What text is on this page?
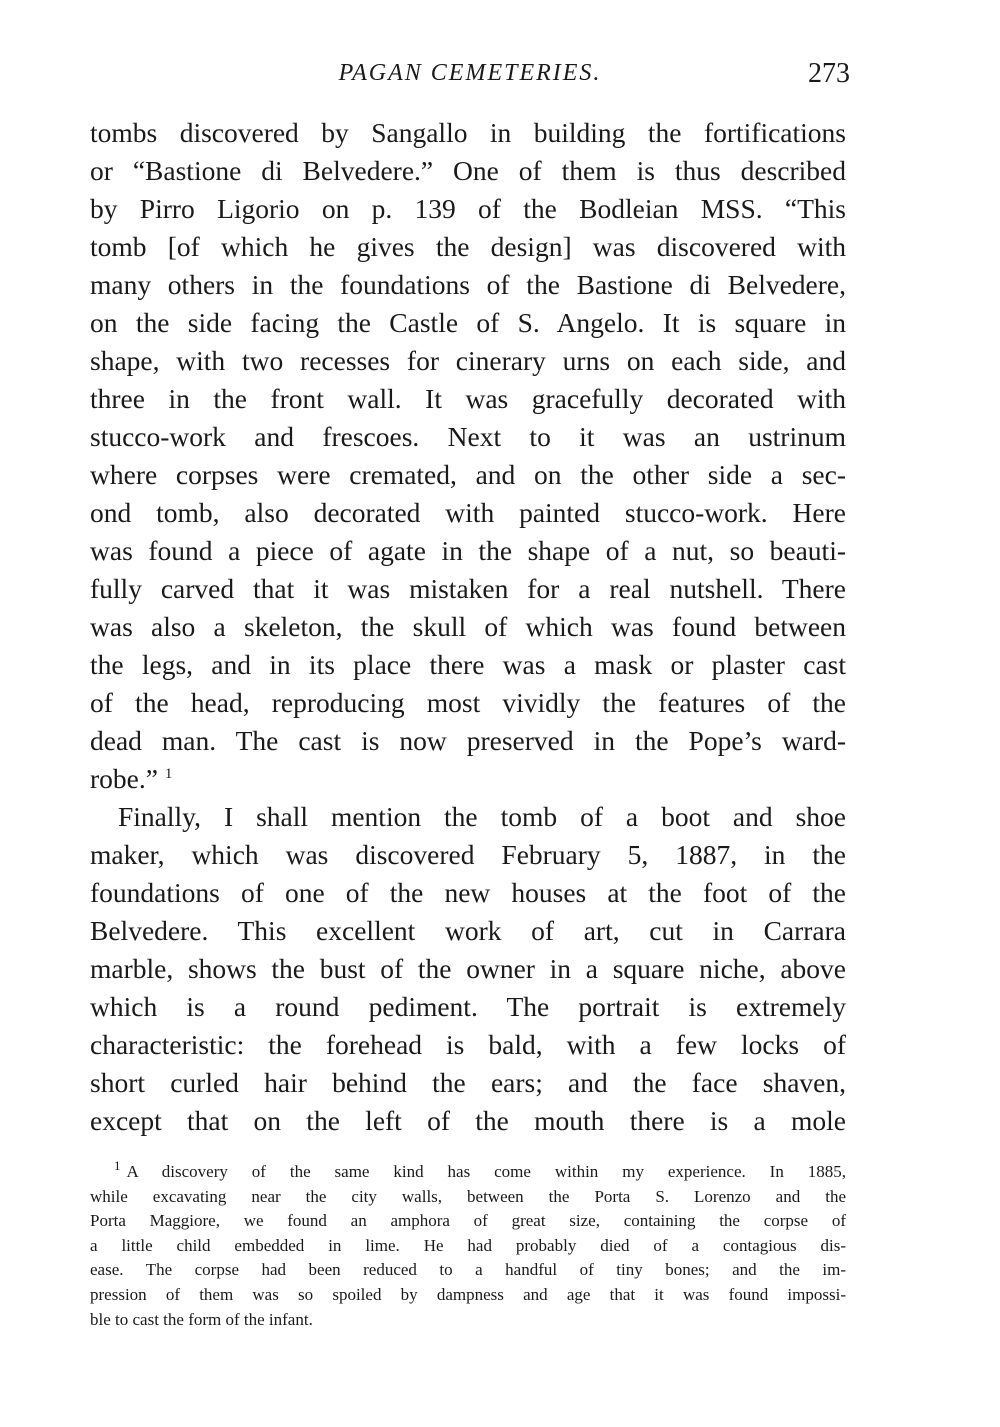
PAGAN CEMETERIES.	273
tombs discovered by Sangallo in building the fortifications
or “Bastione di Belvedere.” One of them is thus described
by Pirro Ligorio on p. 139 of the Bodleian MSS. “This
tomb [of which he gives the design] was discovered with
many others in the foundations of the Bastione di Belvedere,
on the side facing the Castle of S. Angelo. It is square in
shape, with two recesses for cinerary urns on each side, and
three in the front wall. It was gracefully decorated with
stucco-work and frescoes. Next to it was an ustrinum
where corpses were cremated, and on the other side a sec-
ond tomb, also decorated with painted stucco-work. Here
was found a piece of agate in the shape of a nut, so beauti-
fully carved that it was mistaken for a real nutshell. There
was also a skeleton, the skull of which was found between
the legs, and in its place there was a mask or plaster cast
of the head, reproducing most vividly the features of the
dead man. The cast is now preserved in the Pope’s ward-
robe.” $^1$
Finally, I shall mention the tomb of a boot and shoe
maker, which was discovered February 5, 1887, in the
foundations of one of the new houses at the foot of the
Belvedere. This excellent work of art, cut in Carrara
marble, shows the bust of the owner in a square niche, above
which is a round pediment. The portrait is extremely
characteristic: the forehead is bald, with a few locks of
short curled hair behind the ears; and the face shaven,
except that on the left of the mouth there is a mole
$^1$ A discovery of the same kind has come within my experience. In 1885,
while excavating near the city walls, between the Porta S. Lorenzo and the
Porta Maggiore, we found an amphora of great size, containing the corpse of
a little child embedded in lime. He had probably died of a contagious dis-
ease. The corpse had been reduced to a handful of tiny bones; and the im-
pression of them was so spoiled by dampness and age that it was found impossi-
ble to cast the form of the infant.
